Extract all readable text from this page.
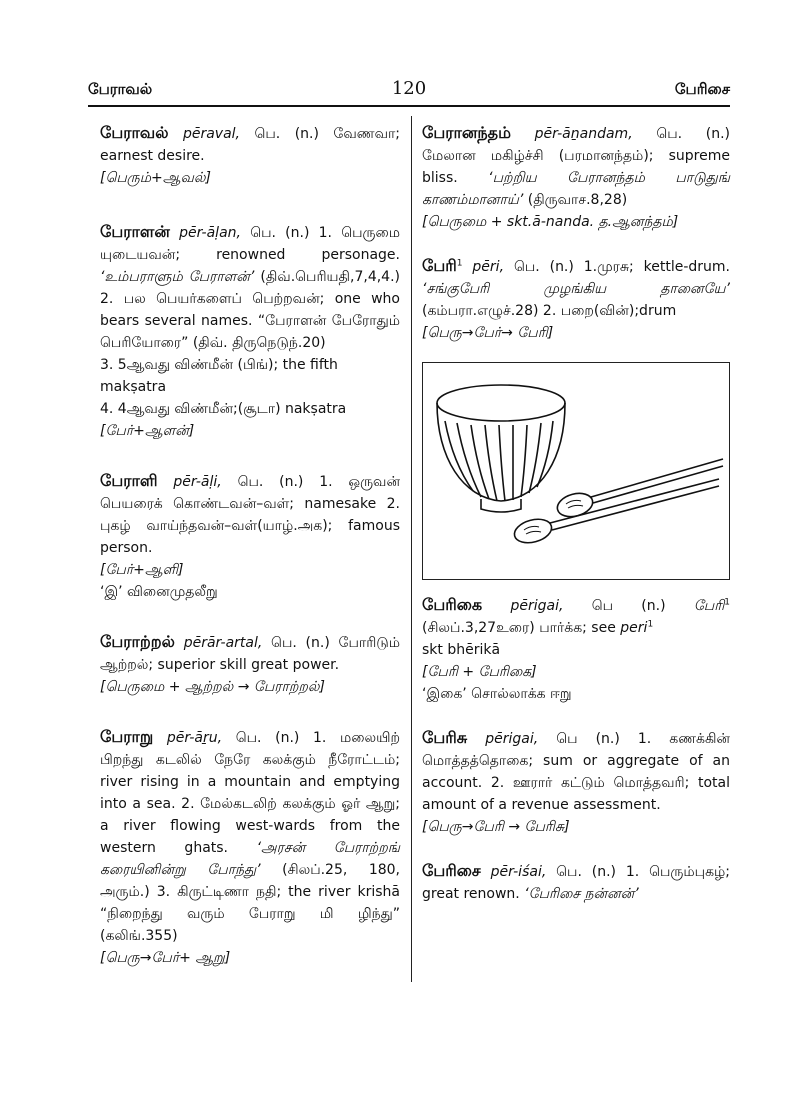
பேராவல்	120	பேரிசை

பேராவல் pēraval, பெ. (n.) வேணவா; earnest desire.

[பெரும்+ஆவல்]

பேராளன் pēr-āḷan, பெ. (n.) 1. பெருமை யுடையவன்; renowned personage. ‘உம்பராளும் பேராளன்’ (திவ்.பெரியதி,7,4,4.) 2. பல பெயர்களைப் பெற்றவன்; one who bears several names. “பேராளன் பேரோதும் பெரியோரை” (திவ். திருநெடுந்.20)

3. 5ஆவது விண்மீன் (பிங்); the fifth makṣatra

4. 4ஆவது விண்மீன்;(சூடா) nakṣatra

[பேர்+ஆளன்]

பேராளி pēr-āḷi, பெ. (n.) 1. ஒருவன் பெயரைக் கொண்டவன்–வள்; namesake 2. புகழ் வாய்ந்தவன்–வள்(யாழ்.அக); famous person.

[பேர்+ஆளி]

‘இ’ வினைமுதலீறு

பேராற்றல் pērār-artal, பெ. (n.) போரிடும் ஆற்றல்; superior skill great power.

[பெருமை + ஆற்றல் → பேராற்றல்]

பேராறு pēr-āṟu, பெ. (n.) 1. மலையிற் பிறந்து கடலில் நேரே கலக்கும் நீரோட்டம்; river rising in a mountain and emptying into a sea. 2. மேல்கடலிற் கலக்கும் ஓர் ஆறு; a river flowing west-wards from the western ghats. ‘அரசன் பேராற்றங் கரையினின்று போந்து’ (சிலப்.25, 180, அரும்.) 3. கிருட்டிணா நதி; the river krishā “நிறைந்து வரும் பேராறு மி ழிந்து” (கலிங்.355)

[பெரு→பேர்+ ஆறு]

பேரானந்தம் pēr-āṉandam, பெ. (n.) மேலான மகிழ்ச்சி (பரமானந்தம்); supreme bliss. ‘பற்றிய பேரானந்தம் பாடுதுங் காணம்மானாய்’ (திருவாச.8,28)

[பெருமை + skt.ā-nanda. த.ஆனந்தம்]

பேரி$^1$ pēri, பெ. (n.) 1.முரசு; kettle-drum. ‘சங்குபேரி முழங்கிய தானையே’ (கம்பரா.எழுச்.28) 2. பறை(வின்);drum

[பெரு→பேர்→ பேரி]

பேரிகை pērigai, பெ (n.) பேரி$^1$ (சிலப்.3,27உரை) பார்க்க; see peri$^1$

skt bhērikā

[பேரி + பேரிகை]

‘இகை’ சொல்லாக்க ஈறு

பேரிசு pērigai, பெ (n.) 1. கணக்கின் மொத்தத்தொகை; sum or aggregate of an account. 2. ஊரார் கட்டும் மொத்தவரி; total amount of a revenue assessment.

[பெரு→பேரி → பேரிசு]

பேரிசை pēr-iśai, பெ. (n.) 1. பெரும்புகழ்; great renown. ‘பேரிசை நன்னன்’
